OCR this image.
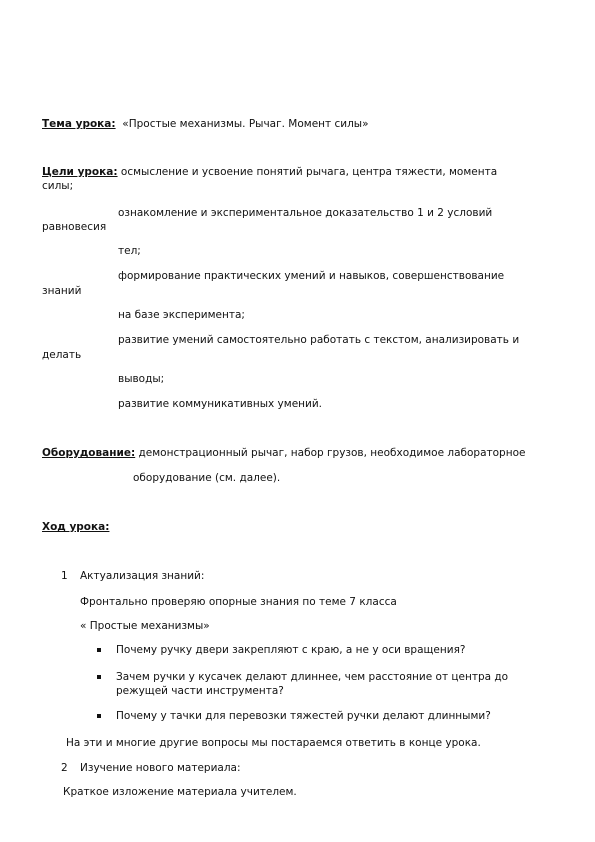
Тема урока: «Простые механизмы. Рычаг. Момент силы»
Цели урока: осмысление и усвоение понятий рычага, центра тяжести, момента
силы;
ознакомление и экспериментальное доказательство 1 и 2 условий
равновесия
тел;
формирование практических умений и навыков, совершенствование
знаний
на базе эксперимента;
развитие умений самостоятельно работать с текстом, анализировать и
делать
выводы;
развитие коммуникативных умений.
Оборудование: демонстрационный рычаг, набор грузов, необходимое лабораторное
оборудование (см. далее).
Ход урока:
1 Актуализация знаний:
Фронтально проверяю опорные знания по теме 7 класса
« Простые механизмы»
Почему ручку двери закрепляют с краю, а не у оси вращения?
Зачем ручки у кусачек делают длиннее, чем расстояние от центра до
режущей части инструмента?
Почему у тачки для перевозки тяжестей ручки делают длинными?
На эти и многие другие вопросы мы постараемся ответить в конце урока.
2 Изучение нового материала:
Краткое изложение материала учителем.
